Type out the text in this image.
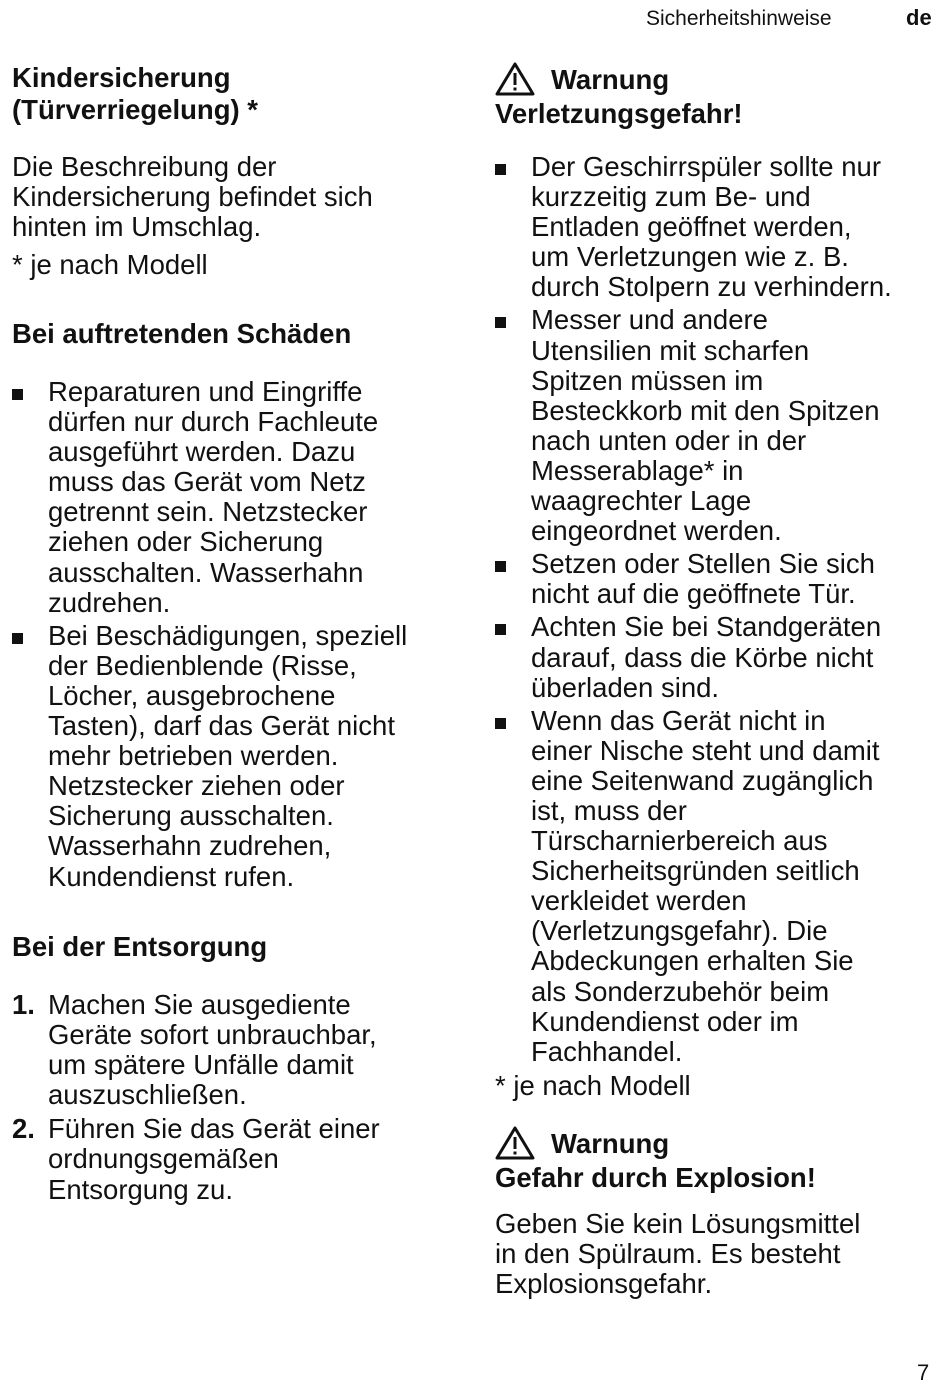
Sicherheitshinweise	de
Kindersicherung
(Türverriegelung) *
Die Beschreibung der
Kindersicherung befindet sich
hinten im Umschlag.
* je nach Modell
Bei auftretenden Schäden
Reparaturen und Eingriffe
dürfen nur durch Fachleute
ausgeführt werden. Dazu
muss das Gerät vom Netz
getrennt sein. Netzstecker
ziehen oder Sicherung
ausschalten. Wasserhahn
zudrehen.
Bei Beschädigungen, speziell
der Bedienblende (Risse,
Löcher, ausgebrochene
Tasten), darf das Gerät nicht
mehr betrieben werden.
Netzstecker ziehen oder
Sicherung ausschalten.
Wasserhahn zudrehen,
Kundendienst rufen.
Bei der Entsorgung
1. Machen Sie ausgediente
Geräte sofort unbrauchbar,
um spätere Unfälle damit
auszuschließen.
2. Führen Sie das Gerät einer
ordnungsgemäßen
Entsorgung zu.
Warnung
Verletzungsgefahr!
Der Geschirrspüler sollte nur
kurzzeitig zum Be- und
Entladen geöffnet werden,
um Verletzungen wie z. B.
durch Stolpern zu verhindern.
Messer und andere
Utensilien mit scharfen
Spitzen müssen im
Besteckkorb mit den Spitzen
nach unten oder in der
Messerablage* in
waagrechter Lage
eingeordnet werden.
Setzen oder Stellen Sie sich
nicht auf die geöffnete Tür.
Achten Sie bei Standgeräten
darauf, dass die Körbe nicht
überladen sind.
Wenn das Gerät nicht in
einer Nische steht und damit
eine Seitenwand zugänglich
ist, muss der
Türscharnierbereich aus
Sicherheitsgründen seitlich
verkleidet werden
(Verletzungsgefahr). Die
Abdeckungen erhalten Sie
als Sonderzubehör beim
Kundendienst oder im
Fachhandel.
* je nach Modell
Warnung
Gefahr durch Explosion!
Geben Sie kein Lösungsmittel
in den Spülraum. Es besteht
Explosionsgefahr.
7
